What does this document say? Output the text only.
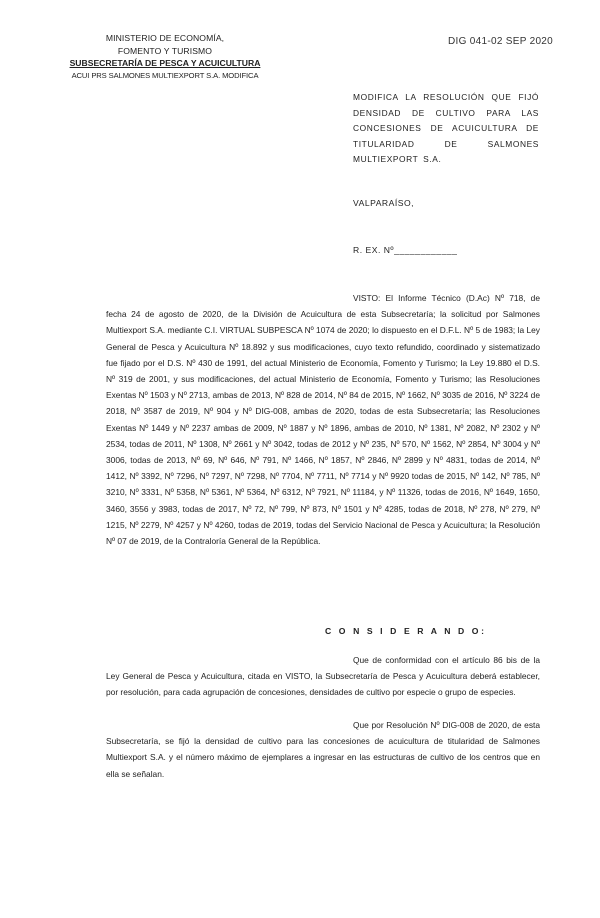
MINISTERIO DE ECONOMÍA,
FOMENTO Y TURISMO
SUBSECRETARÍA DE PESCA Y ACUICULTURA
ACUI PRS SALMONES MULTIEXPORT S.A. MODIFICA
DIG 041-02 SEP 2020
MODIFICA LA RESOLUCIÓN QUE FIJÓ DENSIDAD DE CULTIVO PARA LAS CONCESIONES DE ACUICULTURA DE TITULARIDAD DE SALMONES MULTIEXPORT S.A.
VALPARAÍSO,
R. EX. Nº____________

VISTO: El Informe Técnico (D.Ac) Nº 718, de fecha 24 de agosto de 2020, de la División de Acuicultura de esta Subsecretaría; la solicitud por Salmones Multiexport S.A. mediante C.I. VIRTUAL SUBPESCA Nº 1074 de 2020; lo dispuesto en el D.F.L. Nº 5 de 1983; la Ley General de Pesca y Acuicultura Nº 18.892 y sus modificaciones, cuyo texto refundido, coordinado y sistematizado fue fijado por el D.S. Nº 430 de 1991, del actual Ministerio de Economía, Fomento y Turismo; la Ley 19.880 el D.S. Nº 319 de 2001, y sus modificaciones, del actual Ministerio de Economía, Fomento y Turismo; las Resoluciones Exentas Nº 1503 y Nº 2713, ambas de 2013, Nº 828 de 2014, Nº 84 de 2015, Nº 1662, Nº 3035 de 2016, Nº 3224 de 2018, Nº 3587 de 2019, Nº 904 y Nº DIG-008, ambas de 2020, todas de esta Subsecretaría; las Resoluciones Exentas Nº 1449 y Nº 2237 ambas de 2009, Nº 1887 y Nº 1896, ambas de 2010, Nº 1381, Nº 2082, Nº 2302 y Nº 2534, todas de 2011, Nº 1308, Nº 2661 y Nº 3042, todas de 2012 y Nº 235, Nº 570, Nº 1562, Nº 2854, Nº 3004 y Nº 3006, todas de 2013, Nº 69, Nº 646, Nº 791, Nº 1466, Nº 1857, Nº 2846, Nº 2899 y Nº 4831, todas de 2014, Nº 1412, Nº 3392, Nº 7296, Nº 7297, Nº 7298, Nº 7704, Nº 7711, Nº 7714 y Nº 9920 todas de 2015, Nº 142, Nº 785, Nº 3210, Nº 3331, Nº 5358, Nº 5361, Nº 5364, Nº 6312, Nº 7921, Nº 11184, y Nº 11326, todas de 2016, Nº 1649, 1650, 3460, 3556 y 3983, todas de 2017, Nº 72, Nº 799, Nº 873, Nº 1501 y Nº 4285, todas de 2018, Nº 278, Nº 279, Nº 1215, Nº 2279, Nº 4257 y Nº 4260, todas de 2019, todas del Servicio Nacional de Pesca y Acuicultura; la Resolución Nº 07 de 2019, de la Contraloría General de la República.

C O N S I D E R A N D O:

Que de conformidad con el artículo 86 bis de la Ley General de Pesca y Acuicultura, citada en VISTO, la Subsecretaría de Pesca y Acuicultura deberá establecer, por resolución, para cada agrupación de concesiones, densidades de cultivo por especie o grupo de especies.

Que por Resolución Nº DIG-008 de 2020, de esta Subsecretaría, se fijó la densidad de cultivo para las concesiones de acuicultura de titularidad de Salmones Multiexport S.A. y el número máximo de ejemplares a ingresar en las estructuras de cultivo de los centros que en ella se señalan.
